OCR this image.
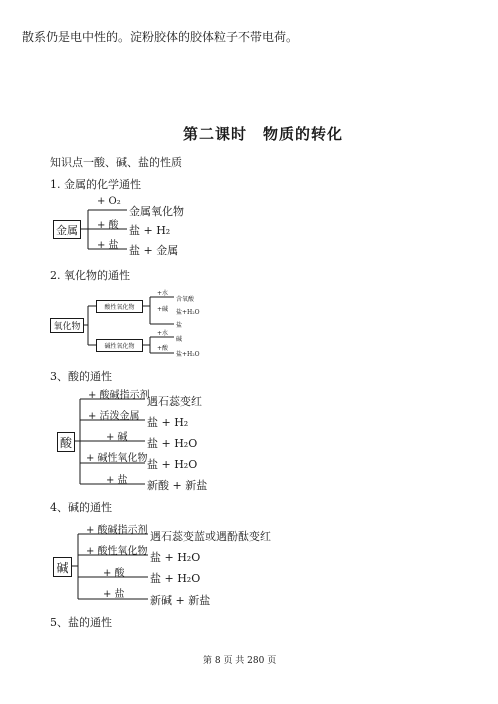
散系仍是电中性的。淀粉胶体的胶体粒子不带电荷。
第二课时　物质的转化
知识点一酸、碱、盐的性质
1. 金属的化学通性
金属
+ O₂
金属氧化物
+ 酸 盐 + H₂
+ 盐 盐 + 金属
2. 氧化物的通性
氧化物
酸性氧化物
碱性氧化物
+水
含氧酸
+碱 盐+H₂O
盐
+水
碱
+酸
盐+H₂O
3、酸的通性
酸
+ 酸碱指示剂
遇石蕊变红
+ 活泼金属 盐 + H₂
+ 碱 盐 + H₂O
+ 碱性氧化物 盐 + H₂O
+ 盐 新酸 + 新盐
4、碱的通性
碱
+ 酸碱指示剂 遇石蕊变蓝或遇酚酞变红
+ 酸性氧化物 盐 + H₂O
+ 酸 盐 + H₂O
+ 盐 新碱 + 新盐
5、盐的通性
第 8 页 共 280 页
